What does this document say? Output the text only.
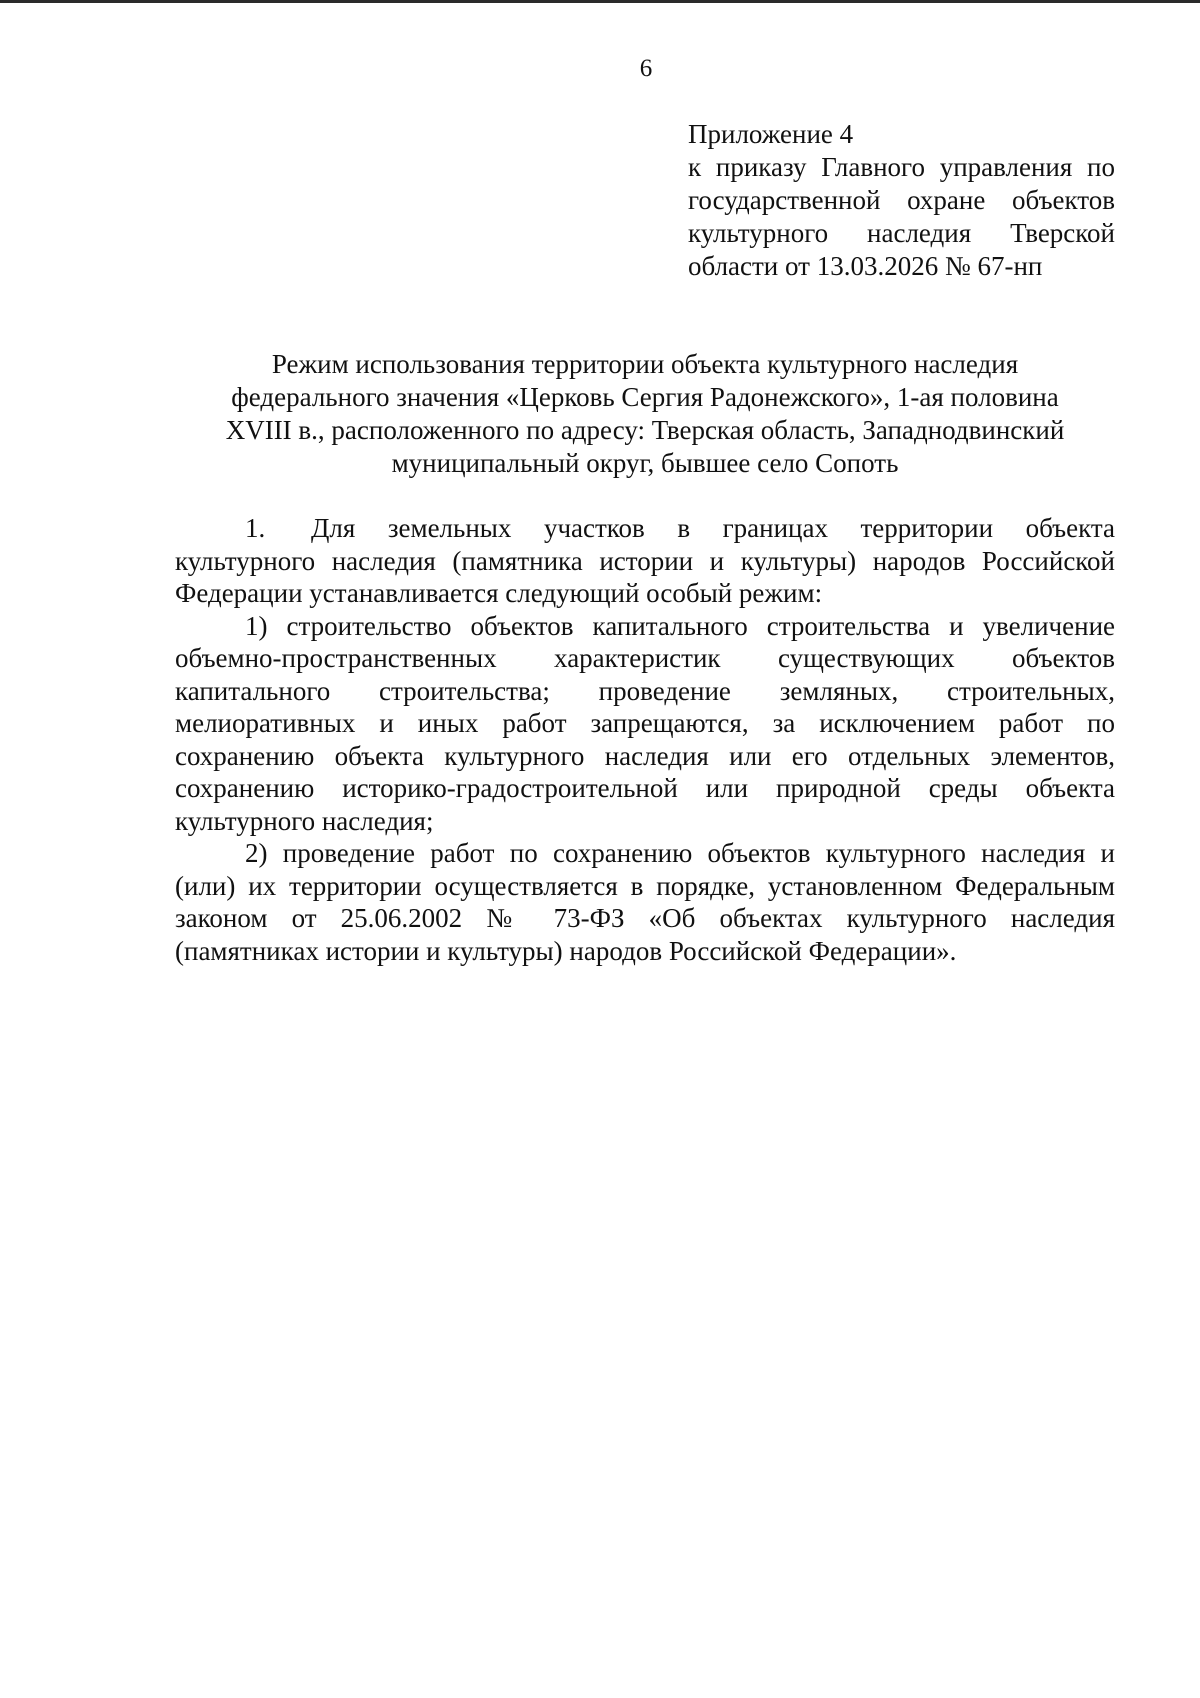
6
Приложение 4
к приказу Главного управления по
государственной охране объектов
культурного наследия Тверской
области от 13.03.2026 № 67-нп
Режим использования территории объекта культурного наследия
федерального значения «Церковь Сергия Радонежского», 1-ая половина
XVIII в., расположенного по адресу: Тверская область, Западнодвинский
муниципальный округ, бывшее село Сопоть
1. Для земельных участков в границах территории объекта
культурного наследия (памятника истории и культуры) народов Российской
Федерации устанавливается следующий особый режим:
1) строительство объектов капитального строительства и увеличение
объемно-пространственных характеристик существующих объектов
капитального строительства; проведение земляных, строительных,
мелиоративных и иных работ запрещаются, за исключением работ по
сохранению объекта культурного наследия или его отдельных элементов,
сохранению историко-градостроительной или природной среды объекта
культурного наследия;
2) проведение работ по сохранению объектов культурного наследия и
(или) их территории осуществляется в порядке, установленном Федеральным
законом от 25.06.2002 № 73-ФЗ «Об объектах культурного наследия
(памятниках истории и культуры) народов Российской Федерации».
